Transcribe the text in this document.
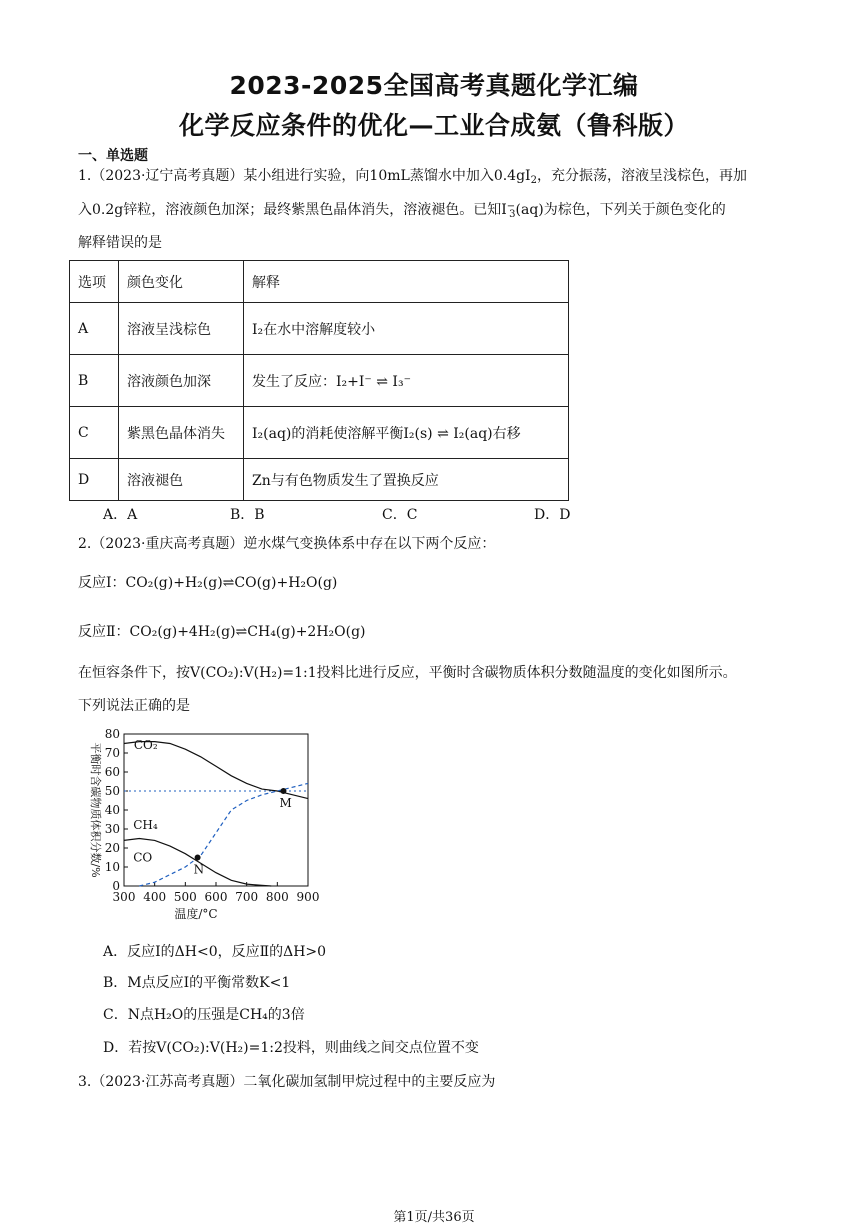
2023-2025全国高考真题化学汇编
化学反应条件的优化—工业合成氨（鲁科版）
一、单选题
1.（2023·辽宁高考真题）某小组进行实验，向10mL蒸馏水中加入$0.4gI_2$，充分振荡，溶液呈浅棕色，再加
入0.2g锌粒，溶液颜色加深；最终紫黑色晶体消失，溶液褪色。已知$I^-_3(aq)$为棕色，下列关于颜色变化的
解释错误的是
选项	颜色变化	解释
A	溶液呈浅棕色	I₂在水中溶解度较小
B	溶液颜色加深	发生了反应：I₂+I⁻ ⇌ I₃⁻
C	紫黑色晶体消失	I₂(aq)的消耗使溶解平衡I₂(s) ⇌ I₂(aq)右移
D	溶液褪色	Zn与有色物质发生了置换反应
A．A	B．B	C．C	D．D
2.（2023·重庆高考真题）逆水煤气变换体系中存在以下两个反应：
反应Ⅰ：CO₂(g)+H₂(g)⇌CO(g)+H₂O(g)
反应Ⅱ：CO₂(g)+4H₂(g)⇌CH₄(g)+2H₂O(g)
在恒容条件下，按V(CO₂):V(H₂)=1:1投料比进行反应，平衡时含碳物质体积分数随温度的变化如图所示。
下列说法正确的是
300 400 500 600 700 800 900
0
10
20
30
40
50
60
70
80
温度/°C
平衡时含碳物质体积分数/%	CO₂
CH₄
CO
M
N
A．反应Ⅰ的ΔH<0，反应Ⅱ的ΔH>0
B．M点反应Ⅰ的平衡常数K<1
C．N点H₂O的压强是CH₄的3倍
D．若按V(CO₂):V(H₂)=1:2投料，则曲线之间交点位置不变
3.（2023·江苏高考真题）二氧化碳加氢制甲烷过程中的主要反应为
第1页/共36页
